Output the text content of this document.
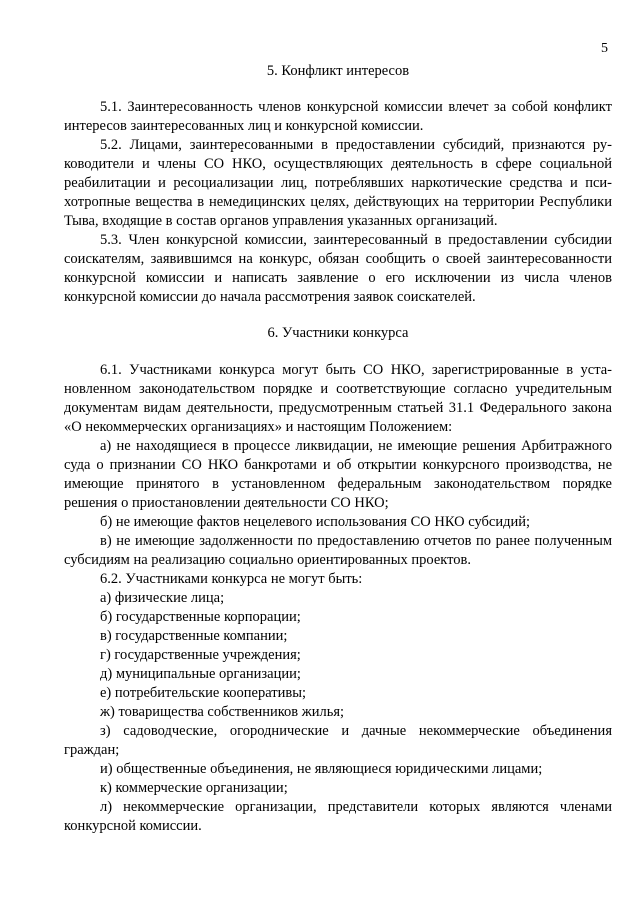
5
5. Конфликт интересов

5.1. Заинтересованность членов конкурсной комиссии влечет за собой конфликт интересов заинтересованных лиц и конкурсной комиссии.

5.2. Лицами, заинтересованными в предоставлении субсидий, признаются руководители и члены СО НКО, осуществляющих деятельность в сфере социальной реабилитации и ресоциализации лиц, потреблявших наркотические средства и психотропные вещества в немедицинских целях, действующих на территории Республики Тыва, входящие в состав органов управления указанных организаций.

5.3. Член конкурсной комиссии, заинтересованный в предоставлении субсидии соискателям, заявившимся на конкурс, обязан сообщить о своей заинтересованности конкурсной комиссии и написать заявление о его исключении из числа членов конкурсной комиссии до начала рассмотрения заявок соискателей.

6. Участники конкурса

6.1. Участниками конкурса могут быть СО НКО, зарегистрированные в установленном законодательством порядке и соответствующие согласно учредительным документам видам деятельности, предусмотренным статьей 31.1 Федерального закона «О некоммерческих организациях» и настоящим Положением:

а) не находящиеся в процессе ликвидации, не имеющие решения Арбитражного суда о признании СО НКО банкротами и об открытии конкурсного производства, не имеющие принятого в установленном федеральным законодательством порядке решения о приостановлении деятельности СО НКО;

б) не имеющие фактов нецелевого использования СО НКО субсидий;

в) не имеющие задолженности по предоставлению отчетов по ранее полученным субсидиям на реализацию социально ориентированных проектов.

6.2. Участниками конкурса не могут быть:

а) физические лица;

б) государственные корпорации;

в) государственные компании;

г) государственные учреждения;

д) муниципальные организации;

е) потребительские кооперативы;

ж) товарищества собственников жилья;

з) садоводческие, огороднические и дачные некоммерческие объединения граждан;

и) общественные объединения, не являющиеся юридическими лицами;

к) коммерческие организации;

л) некоммерческие организации, представители которых являются членами конкурсной комиссии.
